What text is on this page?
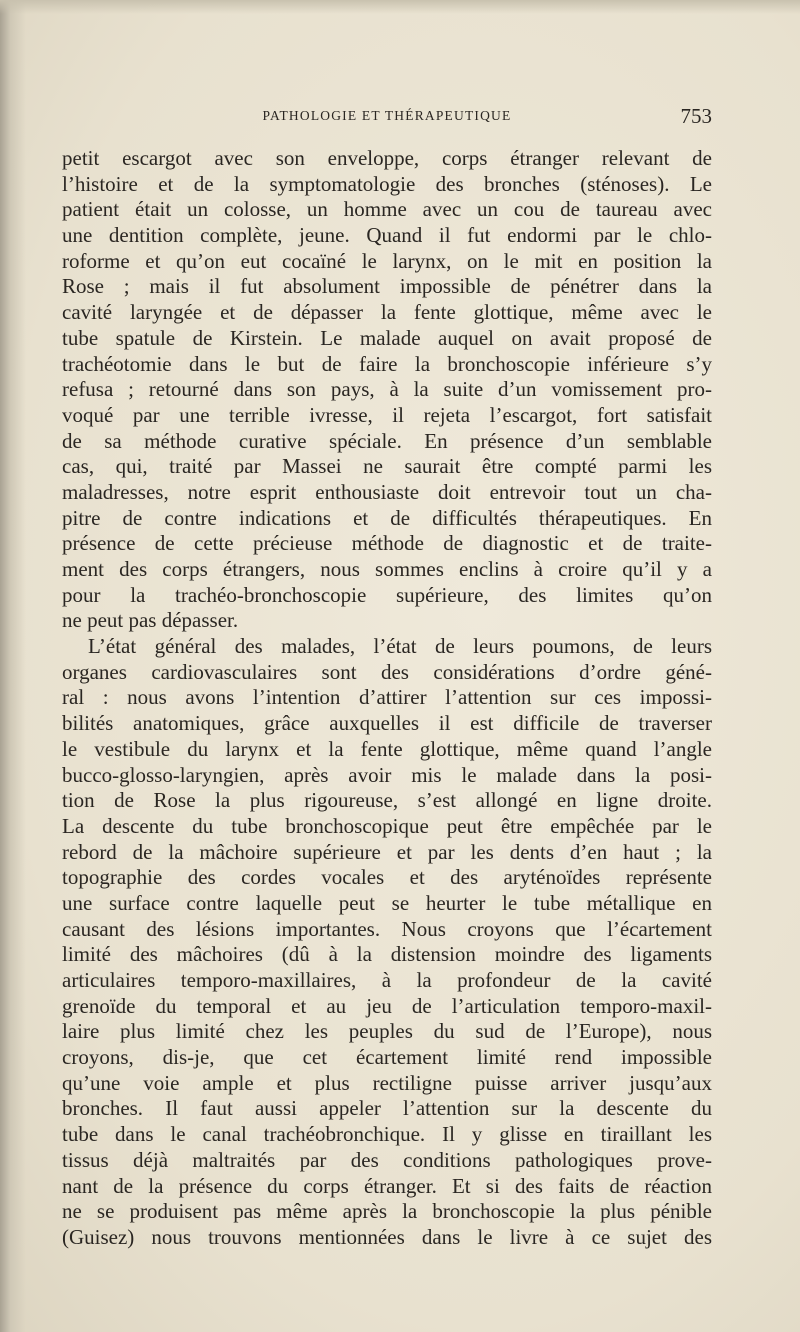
PATHOLOGIE ET THÉRAPEUTIQUE	753
petit escargot avec son enveloppe, corps étranger relevant de
l’histoire et de la symptomatologie des bronches (sténoses). Le
patient était un colosse, un homme avec un cou de taureau avec
une dentition complète, jeune. Quand il fut endormi par le chlo-
roforme et qu’on eut cocaïné le larynx, on le mit en position la
Rose ; mais il fut absolument impossible de pénétrer dans la
cavité laryngée et de dépasser la fente glottique, même avec le
tube spatule de Kirstein. Le malade auquel on avait proposé de
trachéotomie dans le but de faire la bronchoscopie inférieure s’y
refusa ; retourné dans son pays, à la suite d’un vomissement pro-
voqué par une terrible ivresse, il rejeta l’escargot, fort satisfait
de sa méthode curative spéciale. En présence d’un semblable
cas, qui, traité par Massei ne saurait être compté parmi les
maladresses, notre esprit enthousiaste doit entrevoir tout un cha-
pitre de contre indications et de difficultés thérapeutiques. En
présence de cette précieuse méthode de diagnostic et de traite-
ment des corps étrangers, nous sommes enclins à croire qu’il y a
pour la trachéo-bronchoscopie supérieure, des limites qu’on
ne peut pas dépasser.
L’état général des malades, l’état de leurs poumons, de leurs
organes cardiovasculaires sont des considérations d’ordre géné-
ral : nous avons l’intention d’attirer l’attention sur ces impossi-
bilités anatomiques, grâce auxquelles il est difficile de traverser
le vestibule du larynx et la fente glottique, même quand l’angle
bucco-glosso-laryngien, après avoir mis le malade dans la posi-
tion de Rose la plus rigoureuse, s’est allongé en ligne droite.
La descente du tube bronchoscopique peut être empêchée par le
rebord de la mâchoire supérieure et par les dents d’en haut ; la
topographie des cordes vocales et des aryténoïdes représente
une surface contre laquelle peut se heurter le tube métallique en
causant des lésions importantes. Nous croyons que l’écartement
limité des mâchoires (dû à la distension moindre des ligaments
articulaires temporo-maxillaires, à la profondeur de la cavité
grenoïde du temporal et au jeu de l’articulation temporo-maxil-
laire plus limité chez les peuples du sud de l’Europe), nous
croyons, dis-je, que cet écartement limité rend impossible
qu’une voie ample et plus rectiligne puisse arriver jusqu’aux
bronches. Il faut aussi appeler l’attention sur la descente du
tube dans le canal trachéobronchique. Il y glisse en tiraillant les
tissus déjà maltraités par des conditions pathologiques prove-
nant de la présence du corps étranger. Et si des faits de réaction
ne se produisent pas même après la bronchoscopie la plus pénible
(Guisez) nous trouvons mentionnées dans le livre à ce sujet des
